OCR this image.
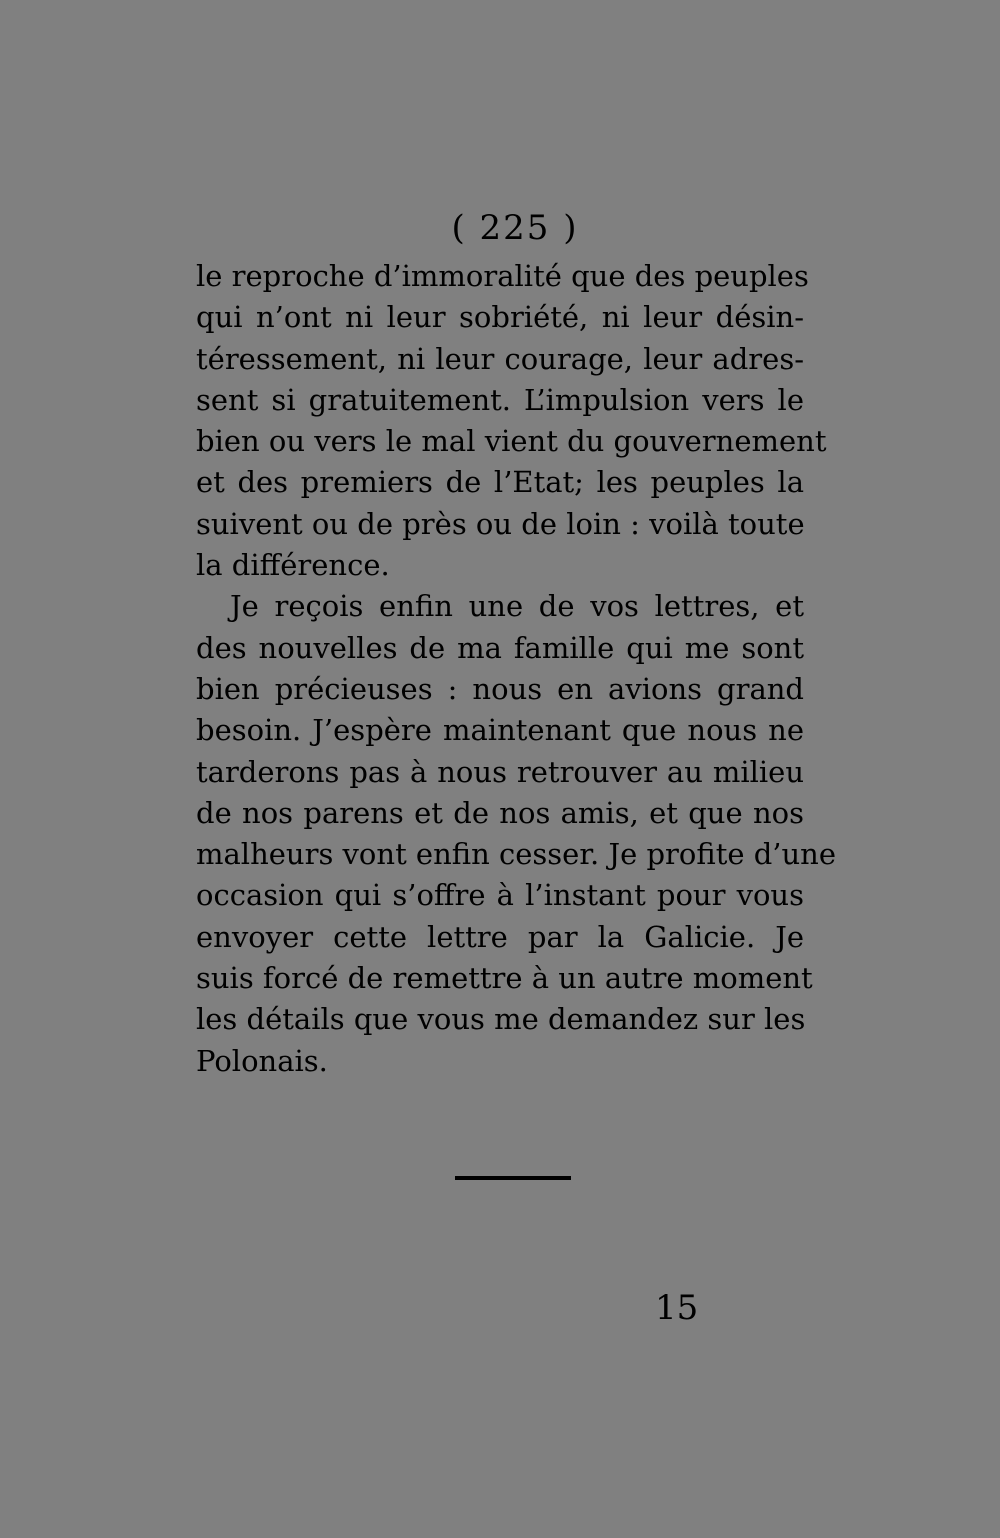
( 225 )
le reproche d’immoralité que des peuples
qui n’ont ni leur sobriété, ni leur désin-
téressement, ni leur courage, leur adres-
sent si gratuitement. L’impulsion vers le
bien ou vers le mal vient du gouvernement
et des premiers de l’Etat; les peuples la
suivent ou de près ou de loin : voilà toute
la différence.
Je reçois enfin une de vos lettres, et
des nouvelles de ma famille qui me sont
bien précieuses : nous en avions grand
besoin. J’espère maintenant que nous ne
tarderons pas à nous retrouver au milieu
de nos parens et de nos amis, et que nos
malheurs vont enfin cesser. Je profite d’une
occasion qui s’offre à l’instant pour vous
envoyer cette lettre par la Galicie. Je
suis forcé de remettre à un autre moment
les détails que vous me demandez sur les
Polonais.
15
